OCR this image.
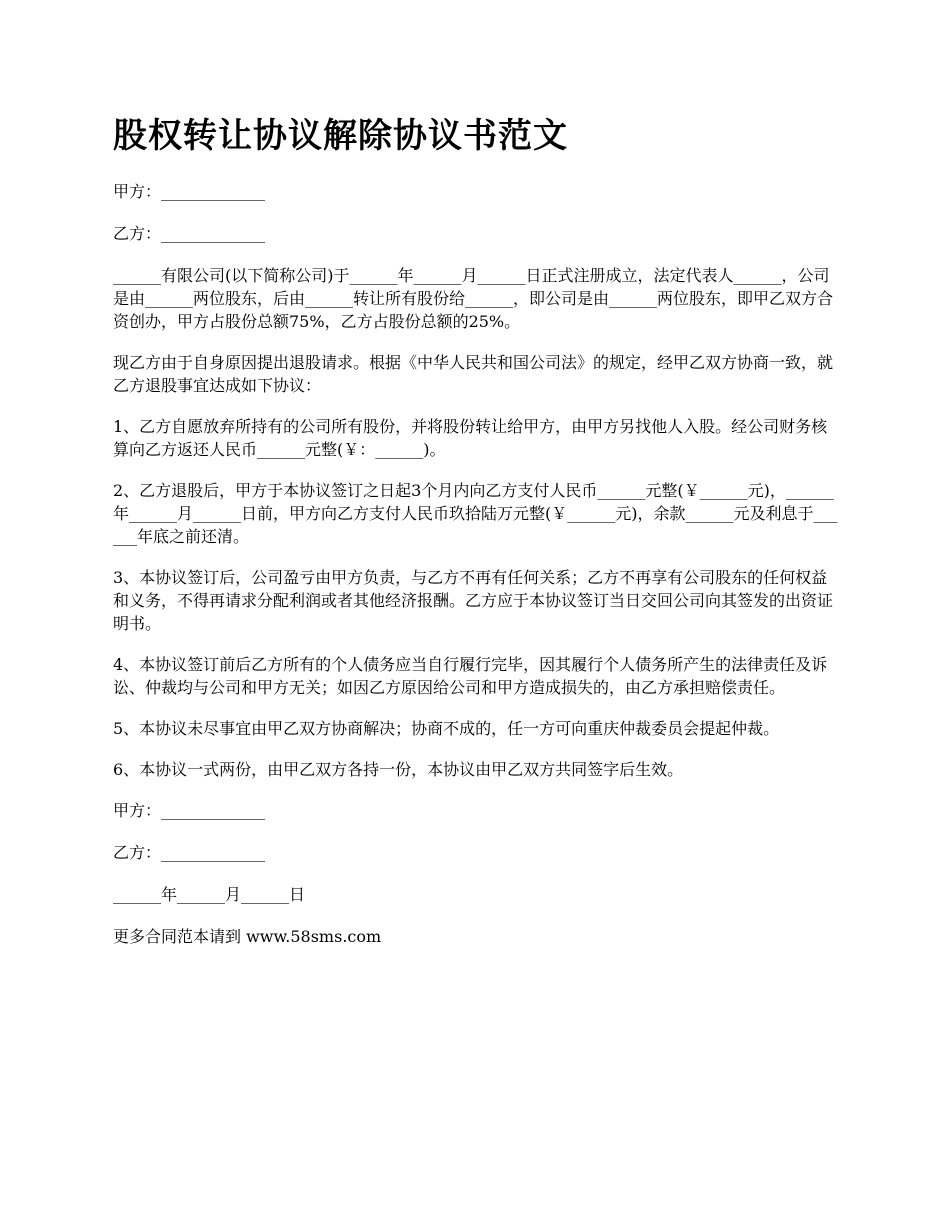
股权转让协议解除协议书范文

甲方：_____________

乙方：_____________

______有限公司(以下简称公司)于______年______月______日正式注册成立，法定代表人______，公司是由______两位股东，后由______转让所有股份给______，即公司是由______两位股东，即甲乙双方合资创办，甲方占股份总额75%，乙方占股份总额的25%。

现乙方由于自身原因提出退股请求。根据《中华人民共和国公司法》的规定，经甲乙双方协商一致，就乙方退股事宜达成如下协议：

1、乙方自愿放弃所持有的公司所有股份，并将股份转让给甲方，由甲方另找他人入股。经公司财务核算向乙方返还人民币______元整(￥：______)。

2、乙方退股后，甲方于本协议签订之日起3个月内向乙方支付人民币______元整(￥______元)，______年______月______日前，甲方向乙方支付人民币玖拾陆万元整(￥______元)，余款______元及利息于______年底之前还清。

3、本协议签订后，公司盈亏由甲方负责，与乙方不再有任何关系；乙方不再享有公司股东的任何权益和义务，不得再请求分配利润或者其他经济报酬。乙方应于本协议签订当日交回公司向其签发的出资证明书。

4、本协议签订前后乙方所有的个人债务应当自行履行完毕，因其履行个人债务所产生的法律责任及诉讼、仲裁均与公司和甲方无关；如因乙方原因给公司和甲方造成损失的，由乙方承担赔偿责任。

5、本协议未尽事宜由甲乙双方协商解决；协商不成的，任一方可向重庆仲裁委员会提起仲裁。

6、本协议一式两份，由甲乙双方各持一份，本协议由甲乙双方共同签字后生效。

甲方：_____________

乙方：_____________

______年______月______日

更多合同范本请到 www.58sms.com
